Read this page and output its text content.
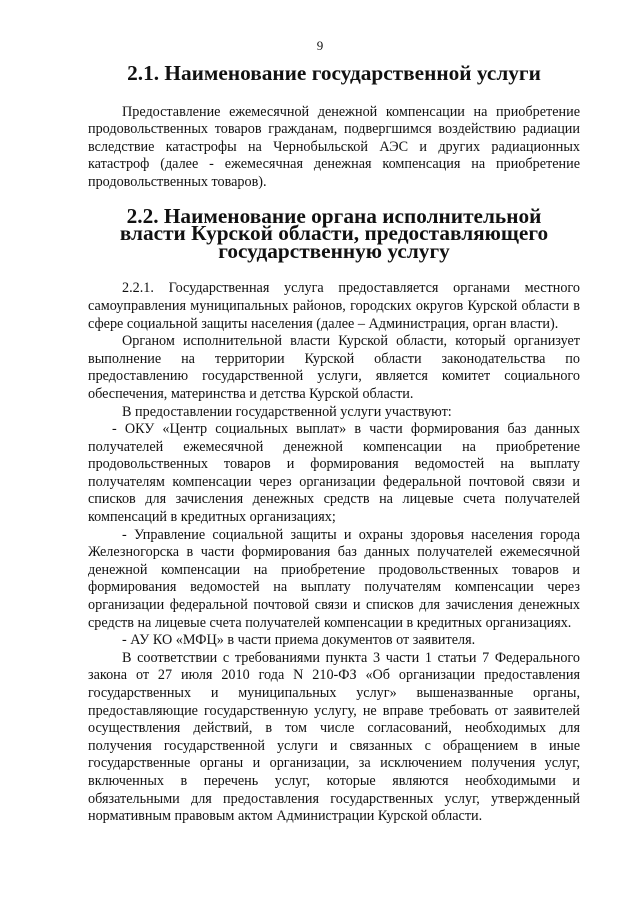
9
2.1. Наименование государственной услуги

Предоставление ежемесячной денежной компенсации на приобретение продовольственных товаров гражданам, подвергшимся воздействию радиации вследствие катастрофы на Чернобыльской АЭС и других радиационных катастроф (далее - ежемесячная денежная компенсация на приобретение продовольственных товаров).

2.2. Наименование органа исполнительной власти Курской области, предоставляющего государственную услугу

2.2.1. Государственная услуга предоставляется органами местного самоуправления муниципальных районов, городских округов Курской области в сфере социальной защиты населения (далее – Администрация, орган власти).

Органом исполнительной власти Курской области, который организует выполнение на территории Курской области законодательства по предоставлению государственной услуги, является комитет социального обеспечения, материнства и детства Курской области.

В предоставлении государственной услуги участвуют:

- ОКУ «Центр социальных выплат» в части формирования баз данных получателей ежемесячной денежной компенсации на приобретение продовольственных товаров и формирования ведомостей на выплату получателям компенсации через организации федеральной почтовой связи и списков для зачисления денежных средств на лицевые счета получателей компенсаций в кредитных организациях;

- Управление социальной защиты и охраны здоровья населения города Железногорска в части формирования баз данных получателей ежемесячной денежной компенсации на приобретение продовольственных товаров и формирования ведомостей на выплату получателям компенсации через организации федеральной почтовой связи и списков для зачисления денежных средств на лицевые счета получателей компенсации в кредитных организациях.

- АУ КО «МФЦ» в части приема документов от заявителя.

В соответствии с требованиями пункта 3 части 1 статьи 7 Федерального закона от 27 июля 2010 года N 210-ФЗ «Об организации предоставления государственных и муниципальных услуг» вышеназванные органы, предоставляющие государственную услугу, не вправе требовать от заявителей осуществления действий, в том числе согласований, необходимых для получения государственной услуги и связанных с обращением в иные государственные органы и организации, за исключением получения услуг, включенных в перечень услуг, которые являются необходимыми и обязательными для предоставления государственных услуг, утвержденный нормативным правовым актом Администрации Курской области.
